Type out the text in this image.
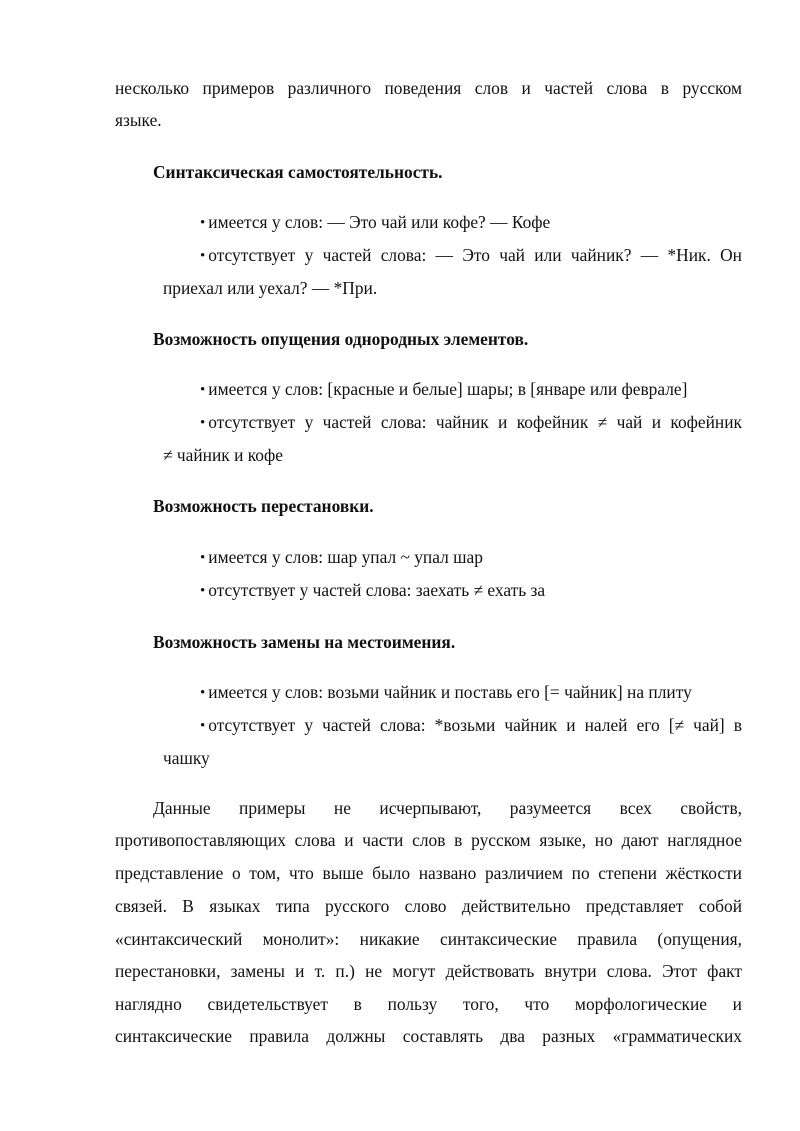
несколько примеров различного поведения слов и частей слова в русском
языке.
Синтаксическая самостоятельность.
• имеется у слов: — Это чай или кофе? — Кофе
• отсутствует у частей слова: — Это чай или чайник? — *Ник. Он
приехал или уехал? — *При.
Возможность опущения однородных элементов.
• имеется у слов: [красные и белые] шары; в [январе или феврале]
• отсутствует у частей слова: чайник и кофейник ≠ чай и кофейник
≠ чайник и кофе
Возможность перестановки.
• имеется у слов: шар упал ~ упал шар
• отсутствует у частей слова: заехать ≠ ехать за
Возможность замены на местоимения.
• имеется у слов: возьми чайник и поставь его [= чайник] на плиту
• отсутствует у частей слова: *возьми чайник и налей его [≠ чай] в
чашку
Данные примеры не исчерпывают, разумеется всех свойств,
противопоставляющих слова и части слов в русском языке, но дают наглядное
представление о том, что выше было названо различием по степени жёсткости
связей. В языках типа русского слово действительно представляет собой
«синтаксический монолит»: никакие синтаксические правила (опущения,
перестановки, замены и т. п.) не могут действовать внутри слова. Этот факт
наглядно свидетельствует в пользу того, что морфологические и
синтаксические правила должны составлять два разных «грамматических
